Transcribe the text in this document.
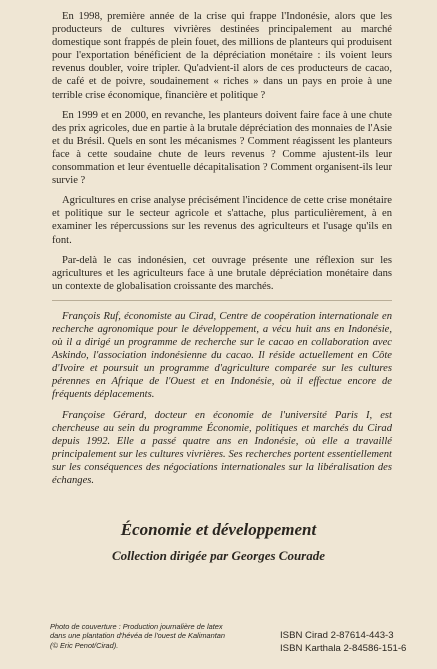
En 1998, première année de la crise qui frappe l'Indonésie, alors que les producteurs de cultures vivrières destinées principalement au marché domestique sont frappés de plein fouet, des millions de planteurs qui produisent pour l'exportation bénéficient de la dépréciation monétaire : ils voient leurs revenus doubler, voire tripler. Qu'advient-il alors de ces producteurs de cacao, de café et de poivre, soudainement « riches » dans un pays en proie à une terrible crise économique, financière et politique ?

En 1999 et en 2000, en revanche, les planteurs doivent faire face à une chute des prix agricoles, due en partie à la brutale dépréciation des monnaies de l'Asie et du Brésil. Quels en sont les mécanismes ? Comment réagissent les planteurs face à cette soudaine chute de leurs revenus ? Comme ajustent-ils leur consommation et leur éventuelle décapitalisation ? Comment organisent-ils leur survie ?

Agricultures en crise analyse précisément l'incidence de cette crise monétaire et politique sur le secteur agricole et s'attache, plus particulièrement, à en examiner les répercussions sur les revenus des agriculteurs et l'usage qu'ils en font.

Par-delà le cas indonésien, cet ouvrage présente une réflexion sur les agricultures et les agriculteurs face à une brutale dépréciation monétaire dans un contexte de globalisation croissante des marchés.

François Ruf, économiste au Cirad, Centre de coopération internationale en recherche agronomique pour le développement, a vécu huit ans en Indonésie, où il a dirigé un programme de recherche sur le cacao en collaboration avec Askindo, l'association indonésienne du cacao. Il réside actuellement en Côte d'Ivoire et poursuit un programme d'agriculture comparée sur les cultures pérennes en Afrique de l'Ouest et en Indonésie, où il effectue encore de fréquents déplacements.

Françoise Gérard, docteur en économie de l'université Paris I, est chercheuse au sein du programme Économie, politiques et marchés du Cirad depuis 1992. Elle a passé quatre ans en Indonésie, où elle a travaillé principalement sur les cultures vivrières. Ses recherches portent essentiellement sur les conséquences des négociations internationales sur la libéralisation des échanges.

Économie et développement
Collection dirigée par Georges Courade
Photo de couverture : Production journalière de latex
dans une plantation d'hévéa de l'ouest de Kalimantan
(© Eric Penot/Cirad).
ISBN Cirad 2-87614-443-3
ISBN Karthala 2-84586-151-6
